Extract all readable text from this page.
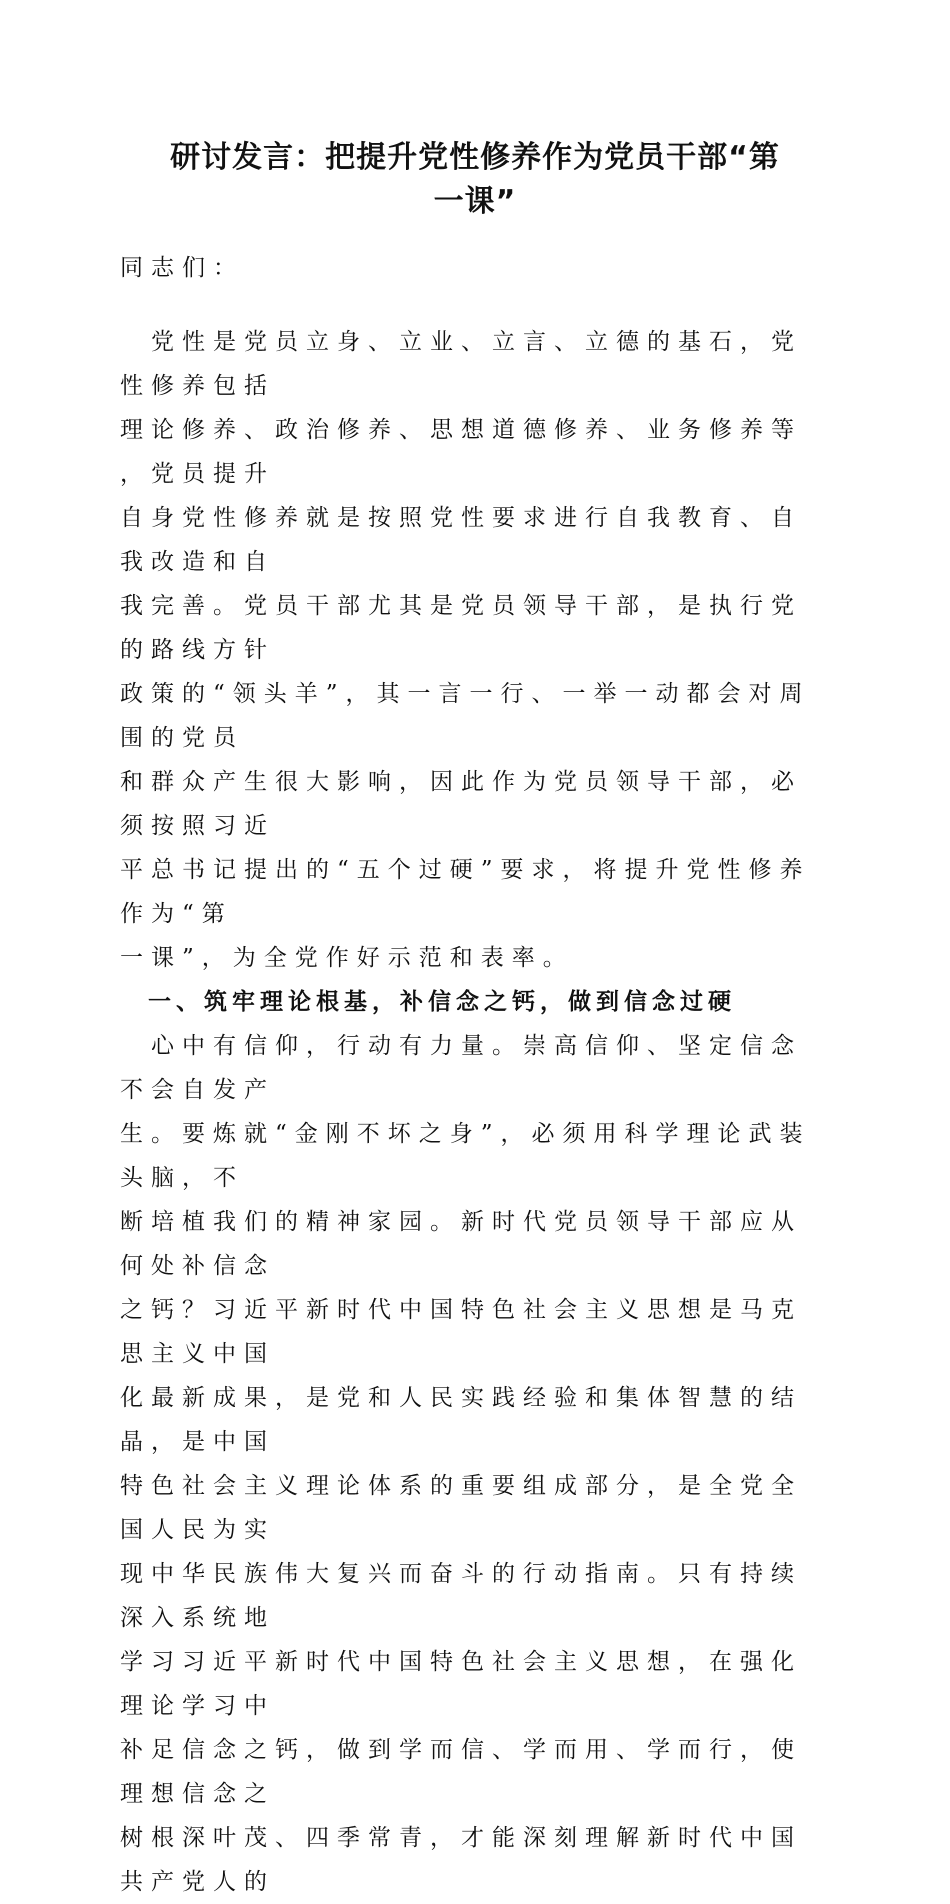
研讨发言：把提升党性修养作为党员干部“第
一课”
同志们：
　党性是党员立身、立业、立言、立德的基石，党性修养包括
理论修养、政治修养、思想道德修养、业务修养等，党员提升
自身党性修养就是按照党性要求进行自我教育、自我改造和自
我完善。党员干部尤其是党员领导干部，是执行党的路线方针
政策的“领头羊”，其一言一行、一举一动都会对周围的党员
和群众产生很大影响，因此作为党员领导干部，必须按照习近
平总书记提出的“五个过硬”要求，将提升党性修养作为“第
一课”，为全党作好示范和表率。
　一、筑牢理论根基，补信念之钙，做到信念过硬
　心中有信仰，行动有力量。崇高信仰、坚定信念不会自发产
生。要炼就“金刚不坏之身”，必须用科学理论武装头脑，不
断培植我们的精神家园。新时代党员领导干部应从何处补信念
之钙？习近平新时代中国特色社会主义思想是马克思主义中国
化最新成果，是党和人民实践经验和集体智慧的结晶，是中国
特色社会主义理论体系的重要组成部分，是全党全国人民为实
现中华民族伟大复兴而奋斗的行动指南。只有持续深入系统地
学习习近平新时代中国特色社会主义思想，在强化理论学习中
补足信念之钙，做到学而信、学而用、学而行，使理想信念之
树根深叶茂、四季常青，才能深刻理解新时代中国共产党人的
